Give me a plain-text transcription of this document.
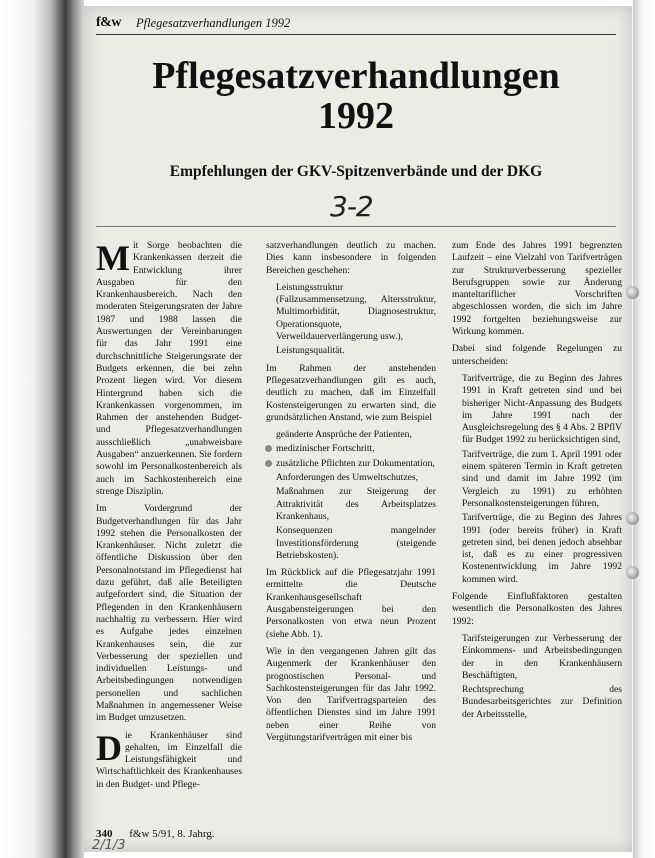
f&w Pflegesatzverhandlungen 1992
Pflegesatzverhandlungen
1992
Empfehlungen der GKV-Spitzenverbände und der DKG
3-2

Mit Sorge beobachten die Krankenkassen derzeit die Entwicklung ihrer Ausgaben für den Krankenhausbereich. Nach den moderaten Steigerungsraten der Jahre 1987 und 1988 lassen die Auswertungen der Vereinbarungen für das Jahr 1991 eine durchschnittliche Steigerungsrate der Budgets erkennen, die bei zehn Prozent liegen wird. Vor diesem Hintergrund haben sich die Krankenkassen vorgenommen, im Rahmen der anstehenden Budget- und Pflegesatzverhandlungen ausschließlich „unabweisbare Ausgaben“ anzuerkennen. Sie fordern sowohl im Personalkostenbereich als auch im Sachkostenbereich eine strenge Disziplin.

Im Vordergrund der Budgetverhandlungen für das Jahr 1992 stehen die Personalkosten der Krankenhäuser. Nicht zuletzt die öffentliche Diskussion über den Personalnotstand im Pflegedienst hat dazu geführt, daß alle Beteiligten aufgefordert sind, die Situation der Pflegenden in den Krankenhäusern nachhaltig zu verbessern. Hier wird es Aufgabe jedes einzelnen Krankenhauses sein, die zur Verbesserung der speziellen und individuellen Leistungs- und Arbeitsbedingungen notwendigen personellen und sachlichen Maßnahmen in angemessener Weise im Budget umzusetzen.

Die Krankenhäuser sind gehalten, im Einzelfall die Leistungsfähigkeit und Wirtschaftlichkeit des Krankenhauses in den Budget- und Pflege-

satzverhandlungen deutlich zu machen. Dies kann insbesondere in folgenden Bereichen geschehen:

Leistungsstruktur (Fallzusammensetzung, Altersstruktur, Multimorbidität, Diagnosestruktur, Operationsquote, Verweildauerverlängerung usw.),
Leistungsqualität.

Im Rahmen der anstehenden Pflegesatzverhandlungen gilt es auch, deutlich zu machen, daß im Einzelfall Kostensteigerungen zu erwarten sind, die grundsätzlichen Anstand, wie zum Beispiel

geänderte Ansprüche der Patienten,
medizinischer Fortschritt,
zusätzliche Pflichten zur Dokumentation,
Anforderungen des Umweltschutzes,
Maßnahmen zur Steigerung der Attraktivität des Arbeitsplatzes Krankenhaus,
Konsequenzen mangelnder Investitionsförderung (steigende Betriebskosten).

Im Rückblick auf die Pflegesatzjahr 1991 ermittelte die Deutsche Krankenhausgesellschaft Ausgabensteigerungen bei den Personalkosten von etwa neun Prozent (siehe Abb. 1).

Wie in den vergangenen Jahren gilt das Augenmerk der Krankenhäuser den prognostischen Personal- und Sachkostensteigerungen für das Jahr 1992. Von den Tarifvertragsparteien des öffentlichen Dienstes sind im Jahre 1991 neben einer Reihe von Vergütungstarifverträgen mit einer bis

zum Ende des Jahres 1991 begrenzten Laufzeit – eine Vielzahl von Tarifverträgen zur Strukturverbesserung spezieller Berufsgruppen sowie zur Änderung manteltariflicher Vorschriften abgeschlossen worden, die sich im Jahre 1992 fortgelten beziehungsweise zur Wirkung kommen.

Dabei sind folgende Regelungen zu unterscheiden:

Tarifverträge, die zu Beginn des Jahres 1991 in Kraft getreten sind und bei bisheriger Nicht-Anpassung des Budgets im Jahre 1991 nach der Ausgleichsregelung des § 4 Abs. 2 BPflV für Budget 1992 zu berücksichtigen sind,
Tarifverträge, die zum 1. April 1991 oder einem späteren Termin in Kraft getreten sind und damit im Jahre 1992 (im Vergleich zu 1991) zu erhöhten Personalkostensteigerungen führen,
Tarifverträge, die zu Beginn des Jahres 1991 (oder bereits früher) in Kraft getreten sind, bei denen jedoch absehbar ist, daß es zu einer progressiven Kostenentwicklung im Jahre 1992 kommen wird.

Folgende Einflußfaktoren gestalten wesentlich die Personalkosten des Jahres 1992:

Tarifsteigerungen zur Verbesserung der Einkommens- und Arbeitsbedingungen der in den Krankenhäusern Beschäftigten,
Rechtsprechung des Bundesarbeitsgerichtes zur Definition der Arbeitsstelle,
340 f&w 5/91, 8. Jahrg.
2/1/3
